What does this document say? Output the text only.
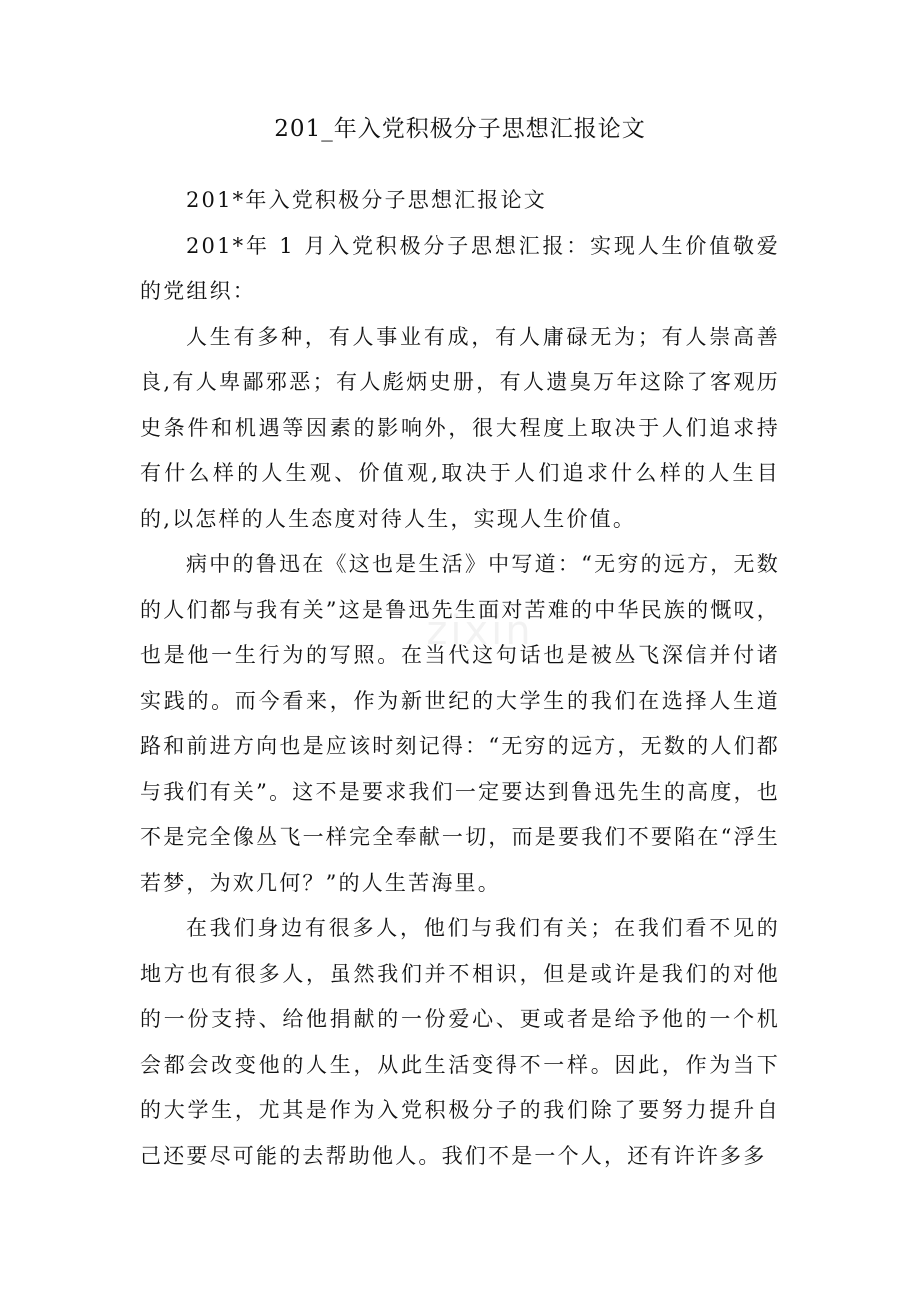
201_年入党积极分子思想汇报论文
zixin

201*年入党积极分子思想汇报论文

201*年 1 月入党积极分子思想汇报：实现人生价值敬爱的党组织：

人生有多种，有人事业有成，有人庸碌无为；有人崇高善良,有人卑鄙邪恶；有人彪炳史册，有人遗臭万年这除了客观历史条件和机遇等因素的影响外，很大程度上取决于人们追求持有什么样的人生观、价值观,取决于人们追求什么样的人生目的,以怎样的人生态度对待人生，实现人生价值。

病中的鲁迅在《这也是生活》中写道：“无穷的远方，无数的人们都与我有关”这是鲁迅先生面对苦难的中华民族的慨叹，也是他一生行为的写照。在当代这句话也是被丛飞深信并付诸实践的。而今看来，作为新世纪的大学生的我们在选择人生道路和前进方向也是应该时刻记得：“无穷的远方，无数的人们都与我们有关”。这不是要求我们一定要达到鲁迅先生的高度，也不是完全像丛飞一样完全奉献一切，而是要我们不要陷在“浮生若梦，为欢几何？”的人生苦海里。

在我们身边有很多人，他们与我们有关；在我们看不见的地方也有很多人，虽然我们并不相识，但是或许是我们的对他的一份支持、给他捐献的一份爱心、更或者是给予他的一个机会都会改变他的人生，从此生活变得不一样。因此，作为当下的大学生，尤其是作为入党积极分子的我们除了要努力提升自己还要尽可能的去帮助他人。我们不是一个人，还有许许多多
